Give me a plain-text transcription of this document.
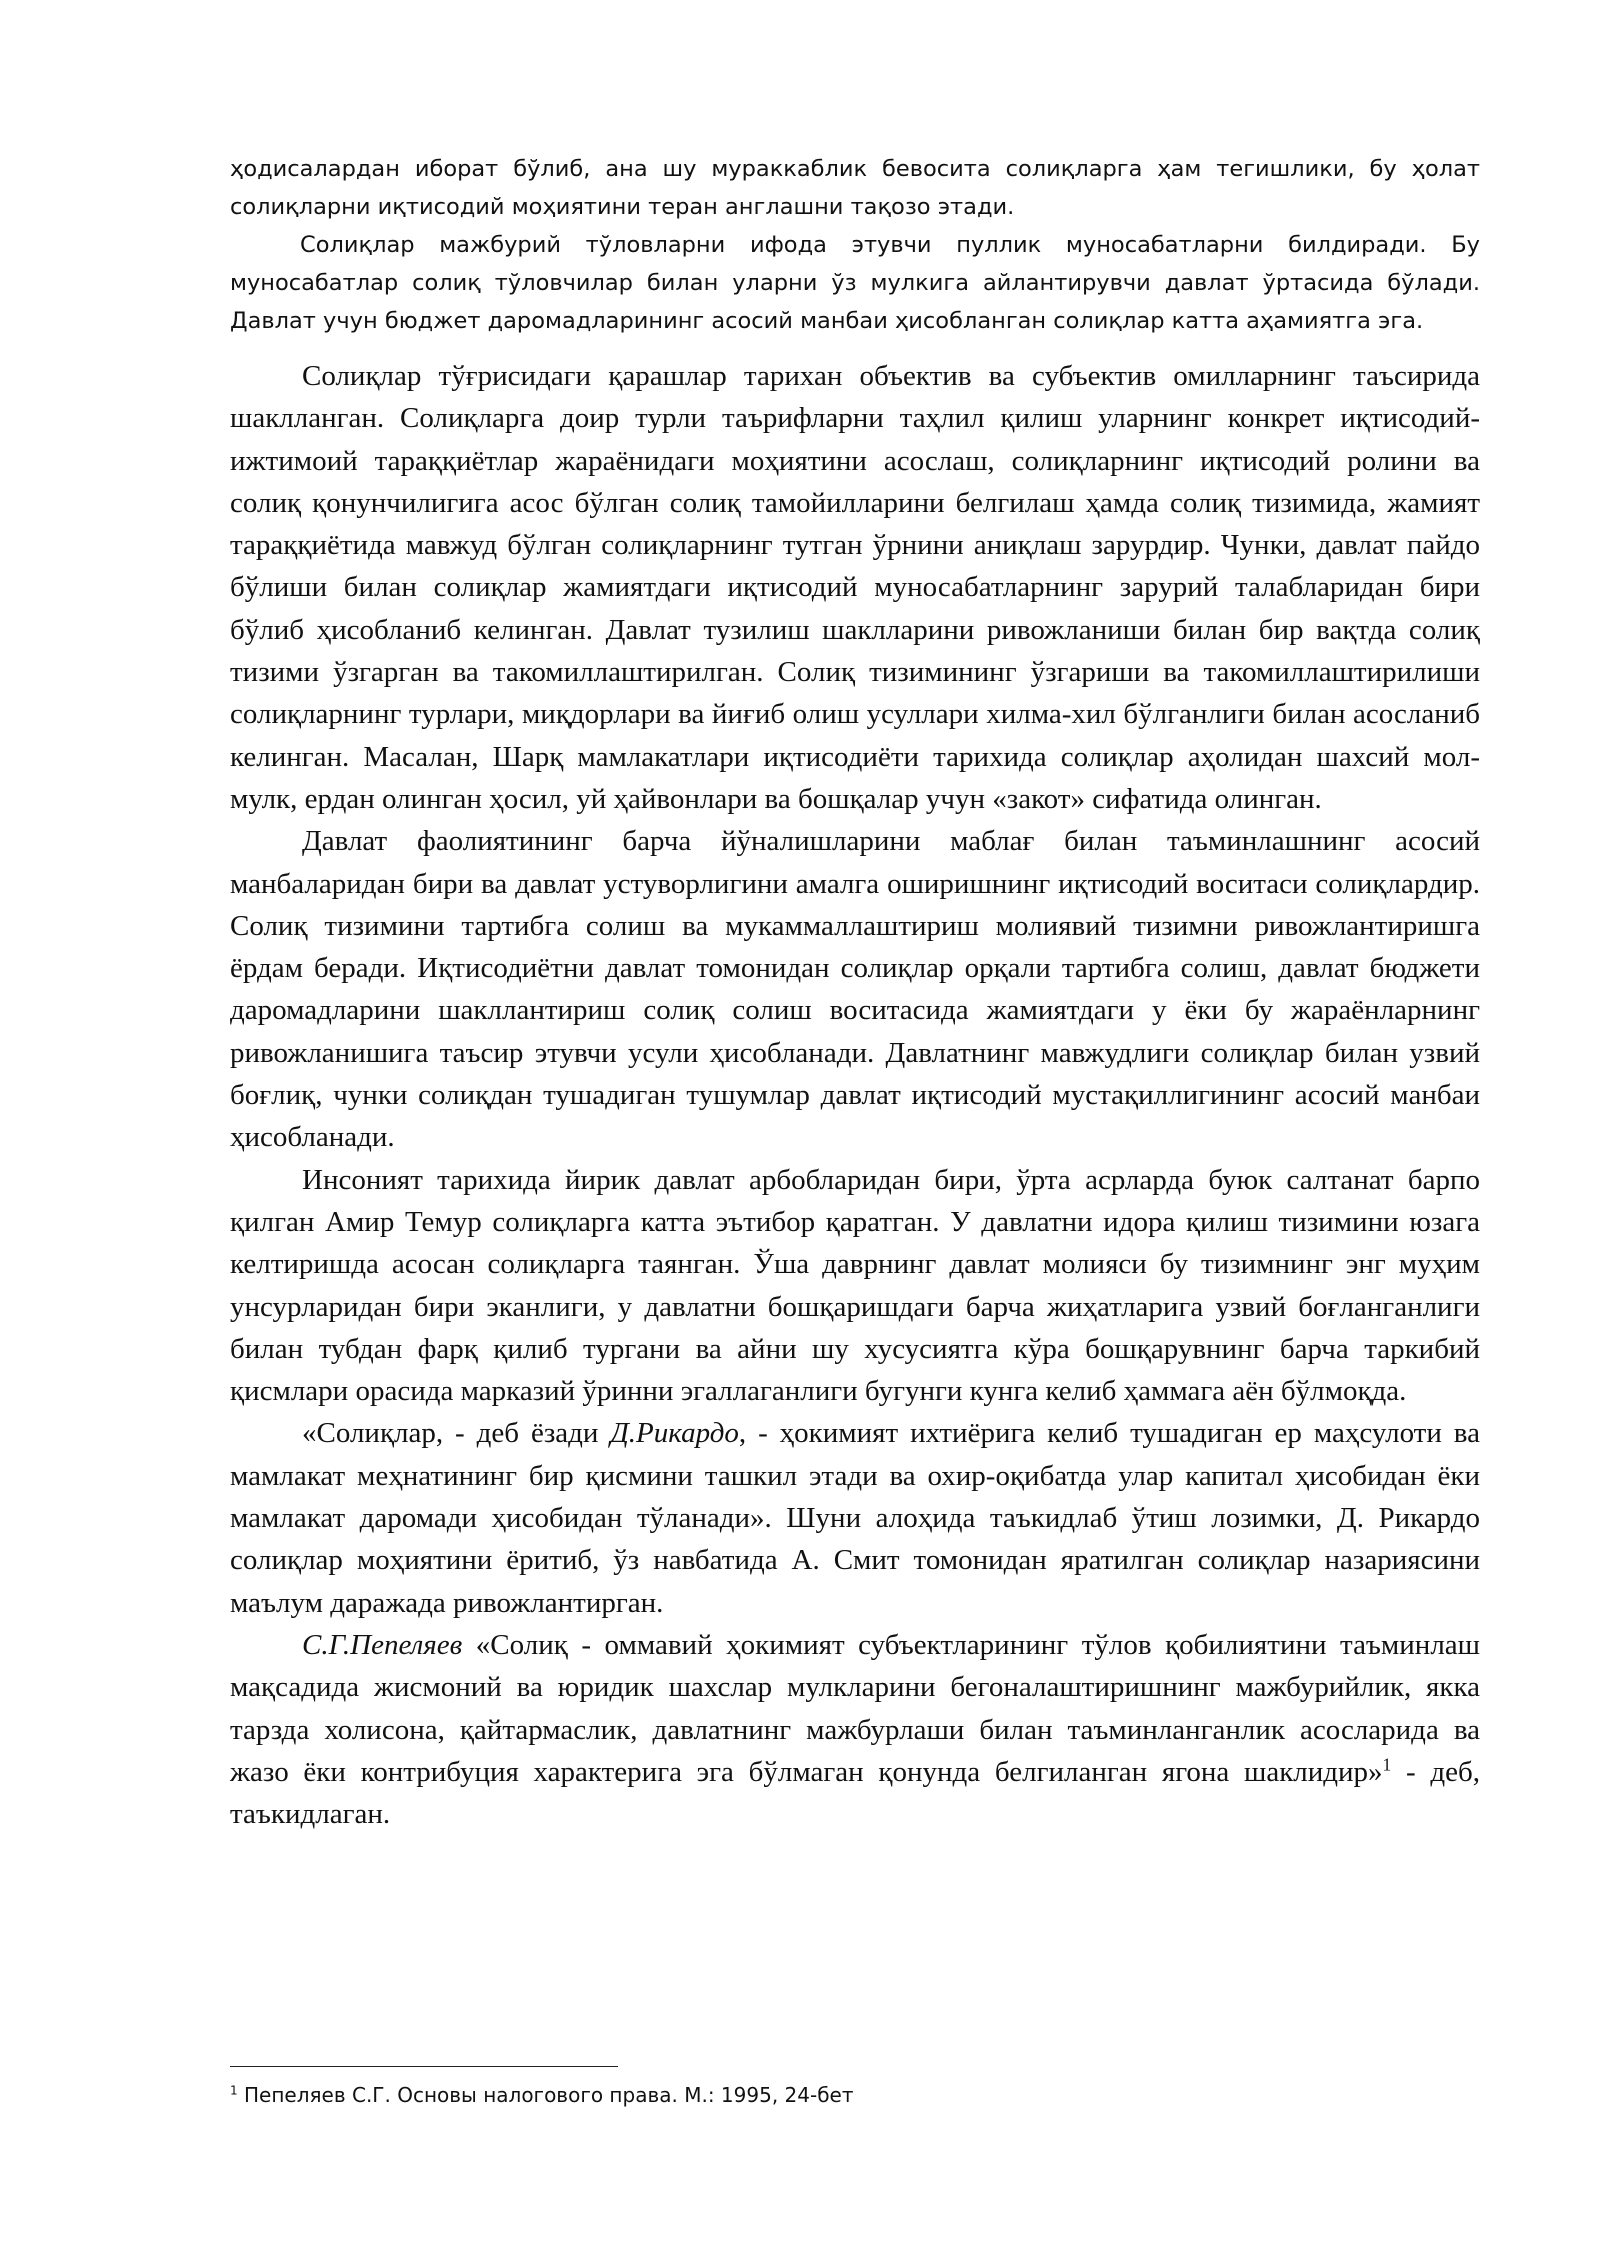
ҳодисалардан иборат бўлиб, ана шу мураккаблик бевосита солиқларга ҳам тегишлики, бу ҳолат солиқларни иқтисодий моҳиятини теран англашни тақозо этади.

Солиқлар мажбурий тўловларни ифода этувчи пуллик муносабатларни билдиради. Бу муносабатлар солиқ тўловчилар билан уларни ўз мулкига айлантирувчи давлат ўртасида бўлади. Давлат учун бюджет даромадларининг асосий манбаи ҳисобланган солиқлар катта аҳамиятга эга.

Солиқлар тўғрисидаги қарашлар тарихан объектив ва субъектив омилларнинг таъсирида шаклланган. Солиқларга доир турли таърифларни таҳлил қилиш уларнинг конкрет иқтисодий-ижтимоий тараққиётлар жараёнидаги моҳиятини асослаш, солиқларнинг иқтисодий ролини ва солиқ қонунчилигига асос бўлган солиқ тамойилларини белгилаш ҳамда солиқ тизимида, жамият тараққиётида мавжуд бўлган солиқларнинг тутган ўрнини аниқлаш зарурдир. Чунки, давлат пайдо бўлиши билан солиқлар жамиятдаги иқтисодий муносабатларнинг зарурий талабларидан бири бўлиб ҳисобланиб келинган. Давлат тузилиш шаклларини ривожланиши билан бир вақтда солиқ тизими ўзгарган ва такомиллаштирилган. Солиқ тизимининг ўзгариши ва такомиллаштирилиши солиқларнинг турлари, миқдорлари ва йиғиб олиш усуллари хилма-хил бўлганлиги билан асосланиб келинган. Масалан, Шарқ мамлакатлари иқтисодиёти тарихида солиқлар аҳолидан шахсий мол-мулк, ердан олинган ҳосил, уй ҳайвонлари ва бошқалар учун «закот» сифатида олинган.

Давлат фаолиятининг барча йўналишларини маблағ билан таъминлашнинг асосий манбаларидан бири ва давлат устуворлигини амалга оширишнинг иқтисодий воситаси солиқлардир. Солиқ тизимини тартибга солиш ва мукаммаллаштириш молиявий тизимни ривожлантиришга ёрдам беради. Иқтисодиётни давлат томонидан солиқлар орқали тартибга солиш, давлат бюджети даромадларини шакллантириш солиқ солиш воситасида жамиятдаги у ёки бу жараёнларнинг ривожланишига таъсир этувчи усули ҳисобланади. Давлатнинг мавжудлиги солиқлар билан узвий боғлиқ, чунки солиқдан тушадиган тушумлар давлат иқтисодий мустақиллигининг асосий манбаи ҳисобланади.

Инсоният тарихида йирик давлат арбобларидан бири, ўрта асрларда буюк салтанат барпо қилган Амир Темур солиқларга катта эътибор қаратган. У давлатни идора қилиш тизимини юзага келтиришда асосан солиқларга таянган. Ўша даврнинг давлат молияси бу тизимнинг энг муҳим унсурларидан бири эканлиги, у давлатни бошқаришдаги барча жиҳатларига узвий боғланганлиги билан тубдан фарқ қилиб тургани ва айни шу хусусиятга кўра бошқарувнинг барча таркибий қисмлари орасида марказий ўринни эгаллаганлиги бугунги кунга келиб ҳаммага аён бўлмоқда.

«Солиқлар, - деб ёзади Д.Рикардо, - ҳокимият ихтиёрига келиб тушадиган ер маҳсулоти ва мамлакат меҳнатининг бир қисмини ташкил этади ва охир-оқибатда улар капитал ҳисобидан ёки мамлакат даромади ҳисобидан тўланади». Шуни алоҳида таъкидлаб ўтиш лозимки, Д. Рикардо солиқлар моҳиятини ёритиб, ўз навбатида А. Смит томонидан яратилган солиқлар назариясини маълум даражада ривожлантирган.

С.Г.Пепеляев «Солиқ - оммавий ҳокимият субъектларининг тўлов қобилиятини таъминлаш мақсадида жисмоний ва юридик шахслар мулкларини бегоналаштиришнинг мажбурийлик, якка тарзда холисона, қайтармаслик, давлатнинг мажбурлаши билан таъминланганлик асосларида ва жазо ёки контрибуция характерига эга бўлмаган қонунда белгиланган ягона шаклидир»$^1$ - деб, таъкидлаган.

$^1$ Пепеляев С.Г. Основы налогового права. М.: 1995, 24-бет
